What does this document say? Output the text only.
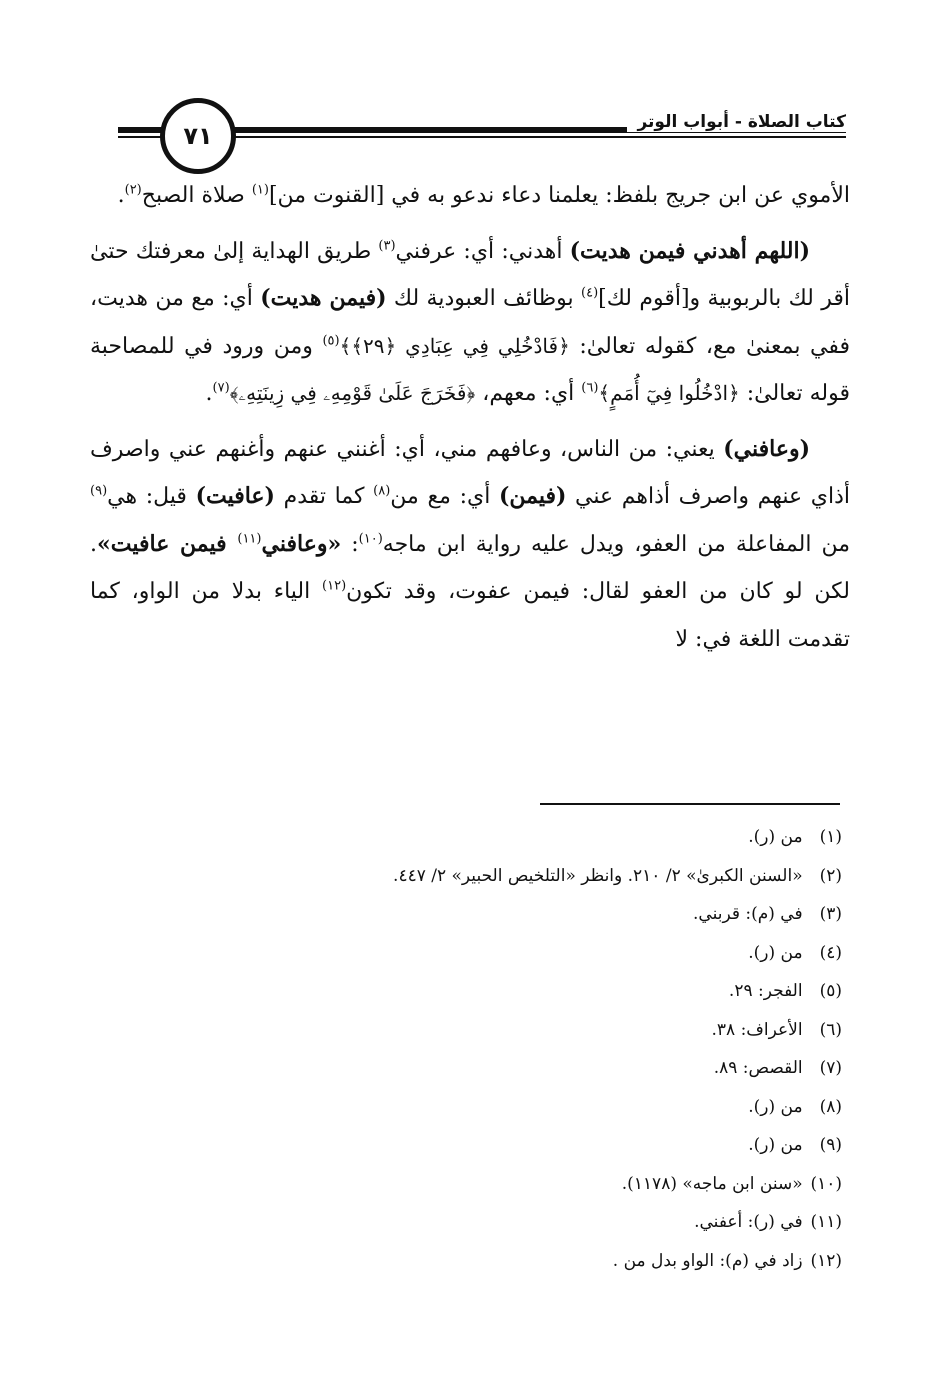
٧١	كتاب الصلاة - أبواب الوتر

الأموي عن ابن جريج بلفظ: يعلمنا دعاء ندعو به في [القنوت من]$^{(١)}$ صلاة الصبح$^{(٢)}$.

(اللهم أهدني فيمن هديت) أهدني: أي: عرفني$^{(٣)}$ طريق الهداية إلىٰ معرفتك حتىٰ أقر لك بالربوبية و[أقوم لك]$^{(٤)}$ بوظائف العبودية لك (فيمن هديت) أي: مع من هديت، ففي بمعنىٰ مع، كقوله تعالىٰ: ﴿فَادْخُلِي فِي عِبَادِي ﴿٢٩﴾﴾$^{(٥)}$ ومن ورود في للمصاحبة قوله تعالىٰ: ﴿ادْخُلُوا فِيٓ أُمَمٍ﴾$^{(٦)}$ أي: معهم، ﴿فَخَرَجَ عَلَىٰ قَوْمِهِۦ فِي زِينَتِهِۦ﴾$^{(٧)}$.

(وعافني) يعني: من الناس، وعافهم مني، أي: أغنني عنهم وأغنهم عني واصرف أذاي عنهم واصرف أذاهم عني (فيمن) أي: مع من$^{(٨)}$ كما تقدم (عافيت) قيل: هي$^{(٩)}$ من المفاعلة من العفو، ويدل عليه رواية ابن ماجه$^{(١٠)}$: «وعافني$^{(١١)}$ فيمن عافيت». لكن لو كان من العفو لقال: فيمن عفوت، وقد تكون$^{(١٢)}$ الياء بدلا من الواو، كما تقدمت اللغة في: لا

(١) من (ر).
(٢) «السنن الكبرىٰ» ٢/ ٢١٠. وانظر «التلخيص الحبير» ٢/ ٤٤٧.
(٣) في (م): قربني.
(٤) من (ر).
(٥) الفجر: ٢٩.
(٦) الأعراف: ٣٨.
(٧) القصص: ٨٩.
(٨) من (ر).
(٩) من (ر).
(١٠) «سنن ابن ماجه» (١١٧٨).
(١١) في (ر): أعفني.
(١٢) زاد في (م): الواو بدل من .
